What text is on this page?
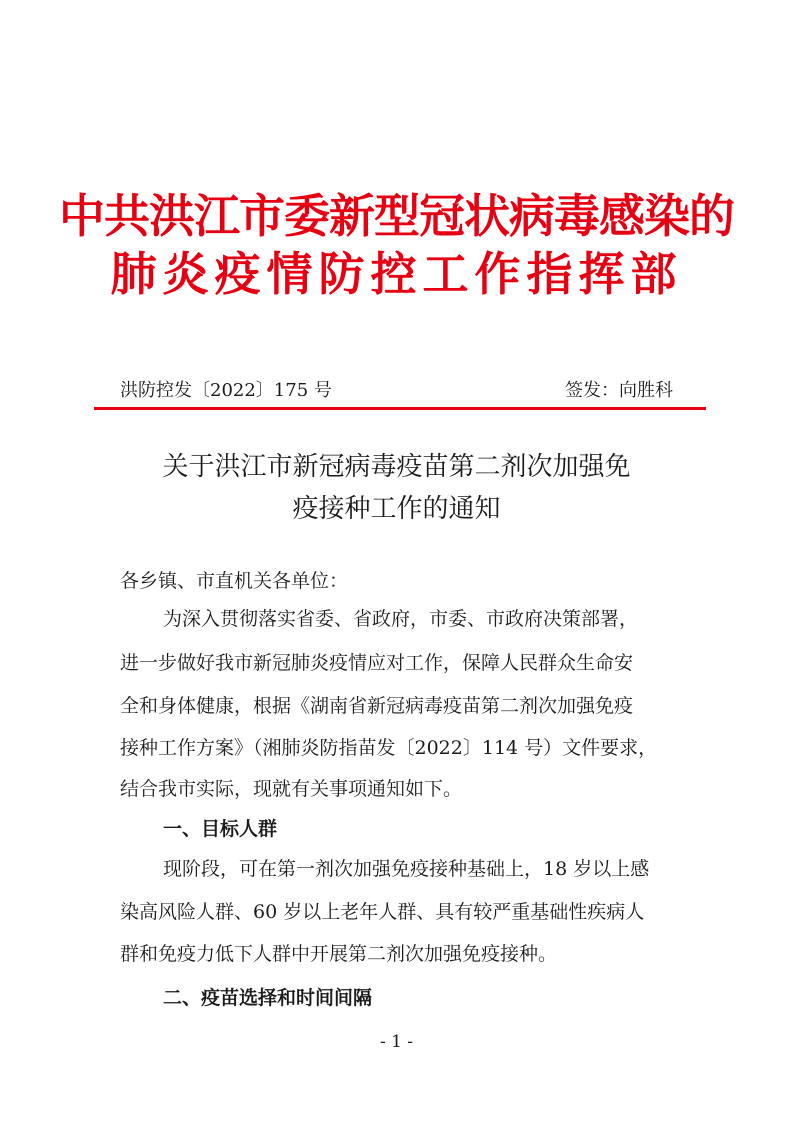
中共洪江市委新型冠状病毒感染的
肺炎疫情防控工作指挥部
洪防控发〔2022〕175 号	签发：向胜科
关于洪江市新冠病毒疫苗第二剂次加强免
疫接种工作的通知
各乡镇、市直机关各单位：
为深入贯彻落实省委、省政府，市委、市政府决策部署，
进一步做好我市新冠肺炎疫情应对工作，保障人民群众生命安
全和身体健康，根据《湖南省新冠病毒疫苗第二剂次加强免疫
接种工作方案》（湘肺炎防指苗发〔2022〕114 号）文件要求，
结合我市实际，现就有关事项通知如下。
一、目标人群
现阶段，可在第一剂次加强免疫接种基础上，18 岁以上感
染高风险人群、60 岁以上老年人群、具有较严重基础性疾病人
群和免疫力低下人群中开展第二剂次加强免疫接种。
二、疫苗选择和时间间隔
- 1 -
